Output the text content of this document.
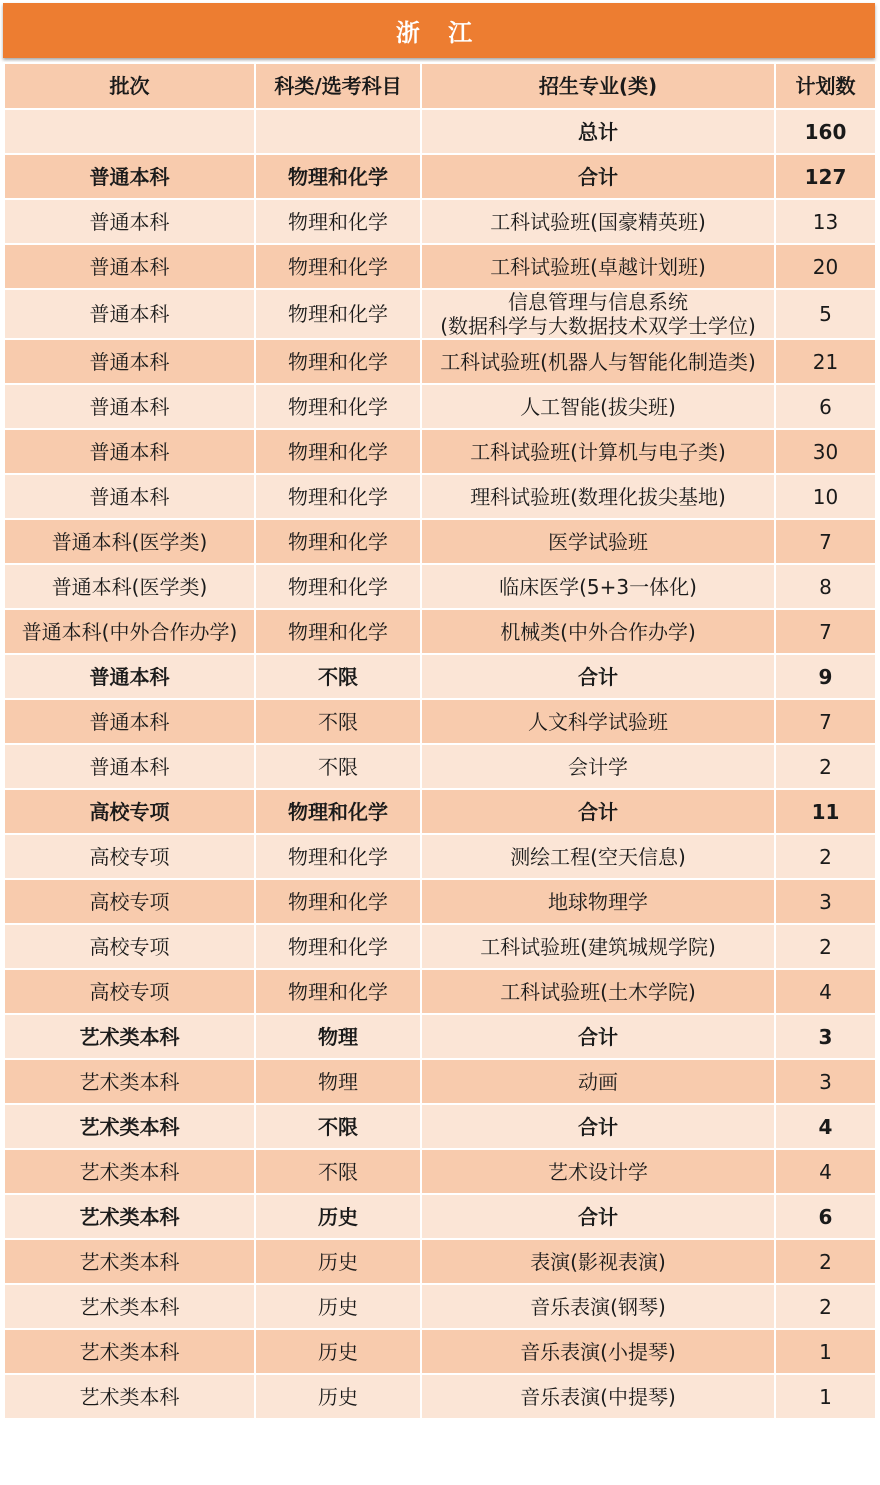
浙 江
批次	科类/选考科目	招生专业(类)	计划数
		总计	160
普通本科	物理和化学	合计	127
普通本科	物理和化学	工科试验班(国豪精英班)	13
普通本科	物理和化学	工科试验班(卓越计划班)	20
普通本科	物理和化学	信息管理与信息系统
(数据科学与大数据技术双学士学位)	5
普通本科	物理和化学	工科试验班(机器人与智能化制造类)	21
普通本科	物理和化学	人工智能(拔尖班)	6
普通本科	物理和化学	工科试验班(计算机与电子类)	30
普通本科	物理和化学	理科试验班(数理化拔尖基地)	10
普通本科(医学类)	物理和化学	医学试验班	7
普通本科(医学类)	物理和化学	临床医学(5+3一体化)	8
普通本科(中外合作办学)	物理和化学	机械类(中外合作办学)	7
普通本科	不限	合计	9
普通本科	不限	人文科学试验班	7
普通本科	不限	会计学	2
高校专项	物理和化学	合计	11
高校专项	物理和化学	测绘工程(空天信息)	2
高校专项	物理和化学	地球物理学	3
高校专项	物理和化学	工科试验班(建筑城规学院)	2
高校专项	物理和化学	工科试验班(土木学院)	4
艺术类本科	物理	合计	3
艺术类本科	物理	动画	3
艺术类本科	不限	合计	4
艺术类本科	不限	艺术设计学	4
艺术类本科	历史	合计	6
艺术类本科	历史	表演(影视表演)	2
艺术类本科	历史	音乐表演(钢琴)	2
艺术类本科	历史	音乐表演(小提琴)	1
艺术类本科	历史	音乐表演(中提琴)	1
